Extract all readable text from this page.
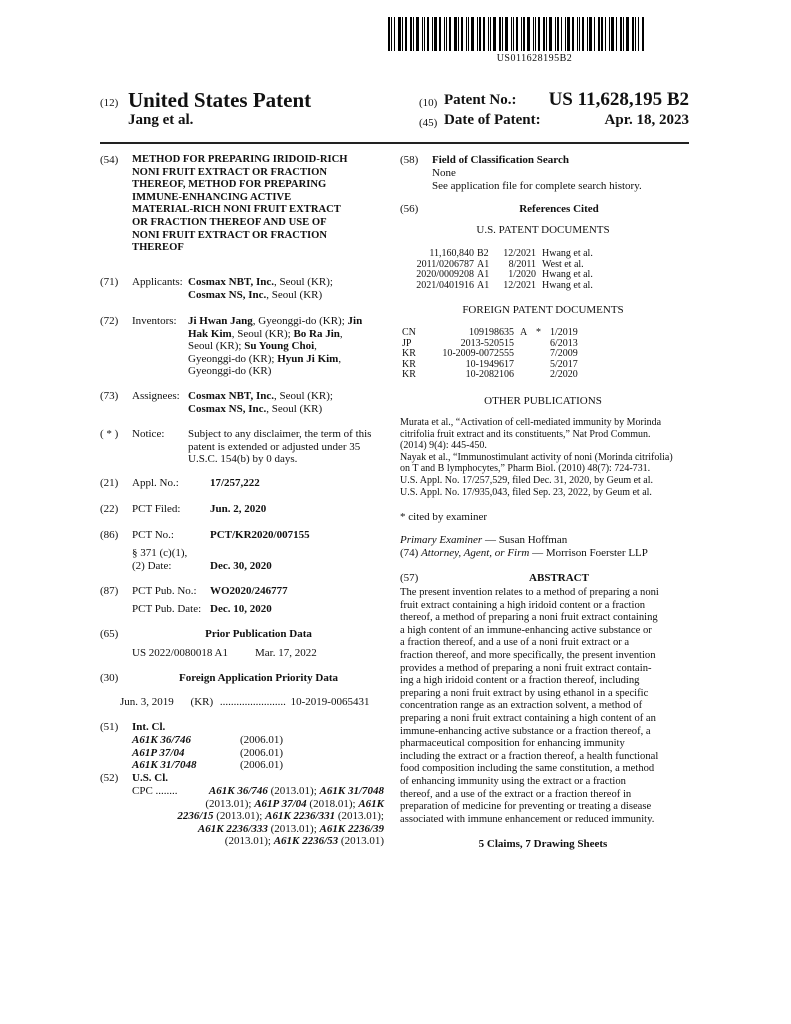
US011628195B2
(12) United States Patent
Jang et al.
(10) Patent No.:	US 11,628,195 B2
(45) Date of Patent:	Apr. 18, 2023
(54)	METHOD FOR PREPARING IRIDOID-RICH
NONI FRUIT EXTRACT OR FRACTION
THEREOF, METHOD FOR PREPARING
IMMUNE-ENHANCING ACTIVE
MATERIAL-RICH NONI FRUIT EXTRACT
OR FRACTION THEREOF AND USE OF
NONI FRUIT EXTRACT OR FRACTION
THEREOF
(71)	Applicants: Cosmax NBT, Inc., Seoul (KR);
Cosmax NS, Inc., Seoul (KR)
(72)	Inventors: Ji Hwan Jang, Gyeonggi-do (KR); Jin
Hak Kim, Seoul (KR); Bo Ra Jin,
Seoul (KR); Su Young Choi,
Gyeonggi-do (KR); Hyun Ji Kim,
Gyeonggi-do (KR)
(73)	Assignees: Cosmax NBT, Inc., Seoul (KR);
Cosmax NS, Inc., Seoul (KR)
( * )	Notice: Subject to any disclaimer, the term of this
patent is extended or adjusted under 35
U.S.C. 154(b) by 0 days.
(21)	Appl. No.:	17/257,222
(22)	PCT Filed:	Jun. 2, 2020
(86)	PCT No.:	PCT/KR2020/007155
§ 371 (c)(1),
(2) Date:	Dec. 30, 2020
(87)	PCT Pub. No.: WO2020/246777
PCT Pub. Date: Dec. 10, 2020
(65)	Prior Publication Data
US 2022/0080018 A1 Mar. 17, 2022
(30)	Foreign Application Priority Data
Jun. 3, 2019 (KR) ........................ 10-2019-0065431
(51)	Int. Cl.
A61K 36/746	(2006.01)
A61P 37/04	(2006.01)
A61K 31/7048	(2006.01)
(52)	U.S. Cl.
CPC ........	A61K 36/746 (2013.01); A61K 31/7048
(2013.01); A61P 37/04 (2018.01); A61K
2236/15 (2013.01); A61K 2236/331 (2013.01);
A61K 2236/333 (2013.01); A61K 2236/39
(2013.01); A61K 2236/53 (2013.01)
(58)	Field of Classification Search
None
See application file for complete search history.
(56)	References Cited
U.S. PATENT DOCUMENTS
11,160,840 B2 12/2021 Hwang et al.
2011/0206787 A1 8/2011 West et al.
2020/0009208 A1 1/2020 Hwang et al.
2021/0401916 A1 12/2021 Hwang et al.
FOREIGN PATENT DOCUMENTS
CN	109198635 A * 1/2019
JP	2013-520515	6/2013
KR	10-2009-0072555	7/2009
KR	10-1949617	5/2017
KR	10-2082106	2/2020
OTHER PUBLICATIONS
Murata et al., “Activation of cell-mediated immunity by Morinda
citrifolia fruit extract and its constituents,” Nat Prod Commun.
(2014) 9(4): 445-450.
Nayak et al., “Immunostimulant activity of noni (Morinda citrifolia)
on T and B lymphocytes,” Pharm Biol. (2010) 48(7): 724-731.
U.S. Appl. No. 17/257,529, filed Dec. 31, 2020, by Geum et al.
U.S. Appl. No. 17/935,043, filed Sep. 23, 2022, by Geum et al.
* cited by examiner
Primary Examiner — Susan Hoffman
(74) Attorney, Agent, or Firm — Morrison Foerster LLP
(57)	ABSTRACT
The present invention relates to a method of preparing a noni
fruit extract containing a high iridoid content or a fraction
thereof, a method of preparing a noni fruit extract containing
a high content of an immune-enhancing active substance or
a fraction thereof, and a use of a noni fruit extract or a
fraction thereof, and more specifically, the present invention
provides a method of preparing a noni fruit extract contain-
ing a high iridoid content or a fraction thereof, including
preparing a noni fruit extract by using ethanol in a specific
concentration range as an extraction solvent, a method of
preparing a noni fruit extract containing a high content of an
immune-enhancing active substance or a fraction thereof, a
pharmaceutical composition for enhancing immunity
including the extract or a fraction thereof, a health functional
food composition including the same constitution, a method
of enhancing immunity using the extract or a fraction
thereof, and a use of the extract or a fraction thereof in
preparation of medicine for preventing or treating a disease
associated with immune enhancement or reduced immunity.
5 Claims, 7 Drawing Sheets
